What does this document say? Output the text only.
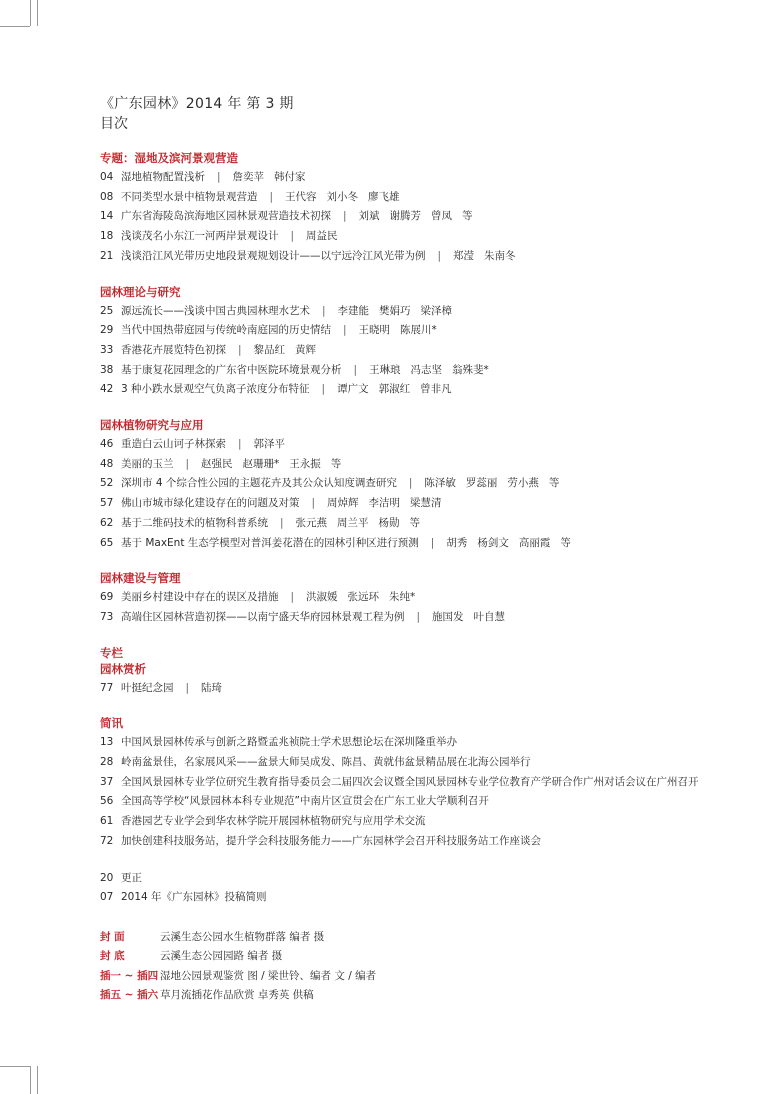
《广东园林》2014 年 第 3 期
目次
专题：湿地及滨河景观营造
04 湿地植物配置浅析 | 詹奕苹 韩付家
08 不同类型水景中植物景观营造 | 王代容 刘小冬 廖飞雄
14 广东省海陵岛滨海地区园林景观营造技术初探 | 刘斌 谢腾芳 曾凤 等
18 浅谈茂名小东江一河两岸景观设计 | 周益民
21 浅谈沿江风光带历史地段景观规划设计——以宁远泠江风光带为例 | 郑滢 朱南冬
园林理论与研究
25 源远流长——浅谈中国古典园林理水艺术 | 李建能 樊娟巧 梁泽樟
29 当代中国热带庭园与传统岭南庭园的历史情结 | 王晓明 陈展川*
33 香港花卉展览特色初探 | 黎品红 黄辉
38 基于康复花园理念的广东省中医院环境景观分析 | 王琳琅 冯志坚 翁殊斐*
42 3 种小跌水景观空气负离子浓度分布特征 | 谭广文 郭淑红 曾非凡
园林植物研究与应用
46 重造白云山诃子林探索 | 郭泽平
48 美丽的玉兰 | 赵强民 赵珊珊* 王永振 等
52 深圳市 4 个综合性公园的主题花卉及其公众认知度调查研究 | 陈泽敏 罗蕊丽 劳小燕 等
57 佛山市城市绿化建设存在的问题及对策 | 周焯辉 李洁明 梁慧清
62 基于二维码技术的植物科普系统 | 张元燕 周兰平 杨勋 等
65 基于 MaxEnt 生态学模型对普洱姜花潜在的园林引种区进行预测 | 胡秀 杨剑文 高丽霞 等
园林建设与管理
69 美丽乡村建设中存在的误区及措施 | 洪淑媛 张远环 朱纯*
73 高端住区园林营造初探——以南宁盛天华府园林景观工程为例 | 施国发 叶自慧
专栏
园林赏析
77 叶挺纪念园 | 陆琦
简讯
13 中国风景园林传承与创新之路暨孟兆祯院士学术思想论坛在深圳隆重举办
28 岭南盆景佳，名家展风采——盆景大师吴成发、陈昌、黄就伟盆景精品展在北海公园举行
37 全国风景园林专业学位研究生教育指导委员会二届四次会议暨全国风景园林专业学位教育产学研合作广州对话会议在广州召开
56 全国高等学校“风景园林本科专业规范”中南片区宣贯会在广东工业大学顺利召开
61 香港园艺专业学会到华农林学院开展园林植物研究与应用学术交流
72 加快创建科技服务站，提升学会科技服务能力——广东园林学会召开科技服务站工作座谈会
20 更正
07 2014 年《广东园林》投稿简则
封 面	云溪生态公园水生植物群落 编者 摄
封 底	云溪生态公园园路 编者 摄
插一 ~ 插四 湿地公园景观鉴赏 图 / 梁世铃、编者 文 / 编者
插五 ~ 插六 草月流插花作品欣赏 卓秀英 供稿
